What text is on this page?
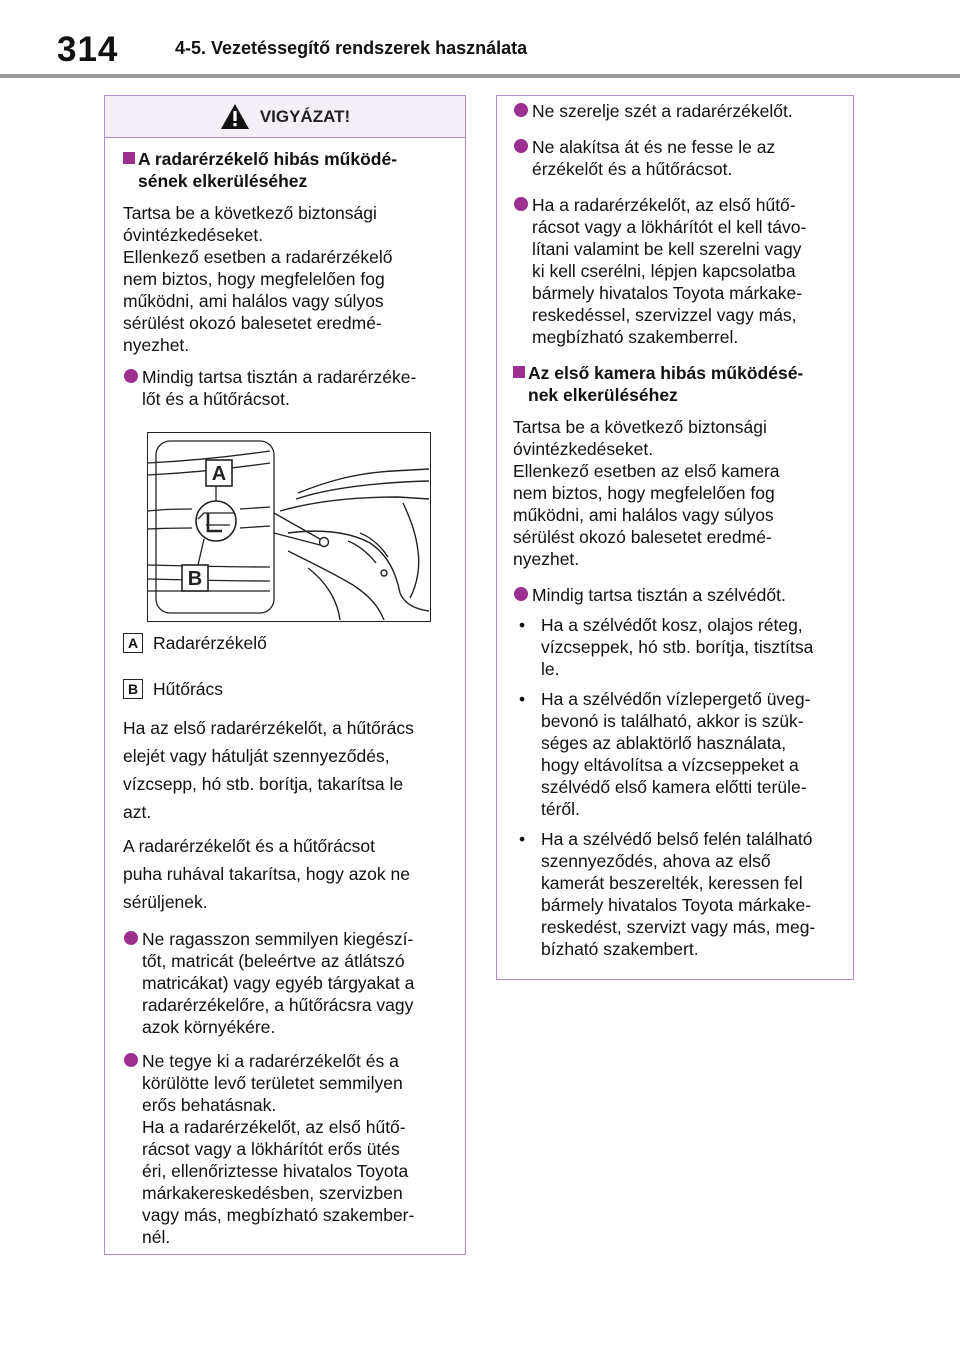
314	4-5. Vezetéssegítő rendszerek használata
VIGYÁZAT!
A radarérzékelő hibás működé-
sének elkerüléséhez
Tartsa be a következő biztonsági
óvintézkedéseket.
Ellenkező esetben a radarérzékelő
nem biztos, hogy megfelelően fog
működni, ami halálos vagy súlyos
sérülést okozó balesetet eredmé-
nyezhet.
Mindig tartsa tisztán a radarérzéke-
lőt és a hűtőrácsot.
A
B
A Radarérzékelő
B Hűtőrács
Ha az első radarérzékelőt, a hűtőrács
elejét vagy hátulját szennyeződés,
vízcsepp, hó stb. borítja, takarítsa le
azt.
A radarérzékelőt és a hűtőrácsot
puha ruhával takarítsa, hogy azok ne
sérüljenek.
Ne ragasszon semmilyen kiegészí-
tőt, matricát (beleértve az átlátszó
matricákat) vagy egyéb tárgyakat a
radarérzékelőre, a hűtőrácsra vagy
azok környékére.
Ne tegye ki a radarérzékelőt és a
körülötte levő területet semmilyen
erős behatásnak.
Ha a radarérzékelőt, az első hűtő-
rácsot vagy a lökhárítót erős ütés
éri, ellenőriztesse hivatalos Toyota
márkakereskedésben, szervizben
vagy más, megbízható szakember-
nél.
Ne szerelje szét a radarérzékelőt.
Ne alakítsa át és ne fesse le az
érzékelőt és a hűtőrácsot.
Ha a radarérzékelőt, az első hűtő-
rácsot vagy a lökhárítót el kell távo-
lítani valamint be kell szerelni vagy
ki kell cserélni, lépjen kapcsolatba
bármely hivatalos Toyota márkake-
reskedéssel, szervizzel vagy más,
megbízható szakemberrel.
Az első kamera hibás működésé-
nek elkerüléséhez
Tartsa be a következő biztonsági
óvintézkedéseket.
Ellenkező esetben az első kamera
nem biztos, hogy megfelelően fog
működni, ami halálos vagy súlyos
sérülést okozó balesetet eredmé-
nyezhet.
Mindig tartsa tisztán a szélvédőt.
• Ha a szélvédőt kosz, olajos réteg,
vízcseppek, hó stb. borítja, tisztítsa
le.
• Ha a szélvédőn vízlepergető üveg-
bevonó is található, akkor is szük-
séges az ablaktörlő használata,
hogy eltávolítsa a vízcseppeket a
szélvédő első kamera előtti terüle-
téről.
• Ha a szélvédő belső felén található
szennyeződés, ahova az első
kamerát beszerelték, keressen fel
bármely hivatalos Toyota márkake-
reskedést, szervizt vagy más, meg-
bízható szakembert.
